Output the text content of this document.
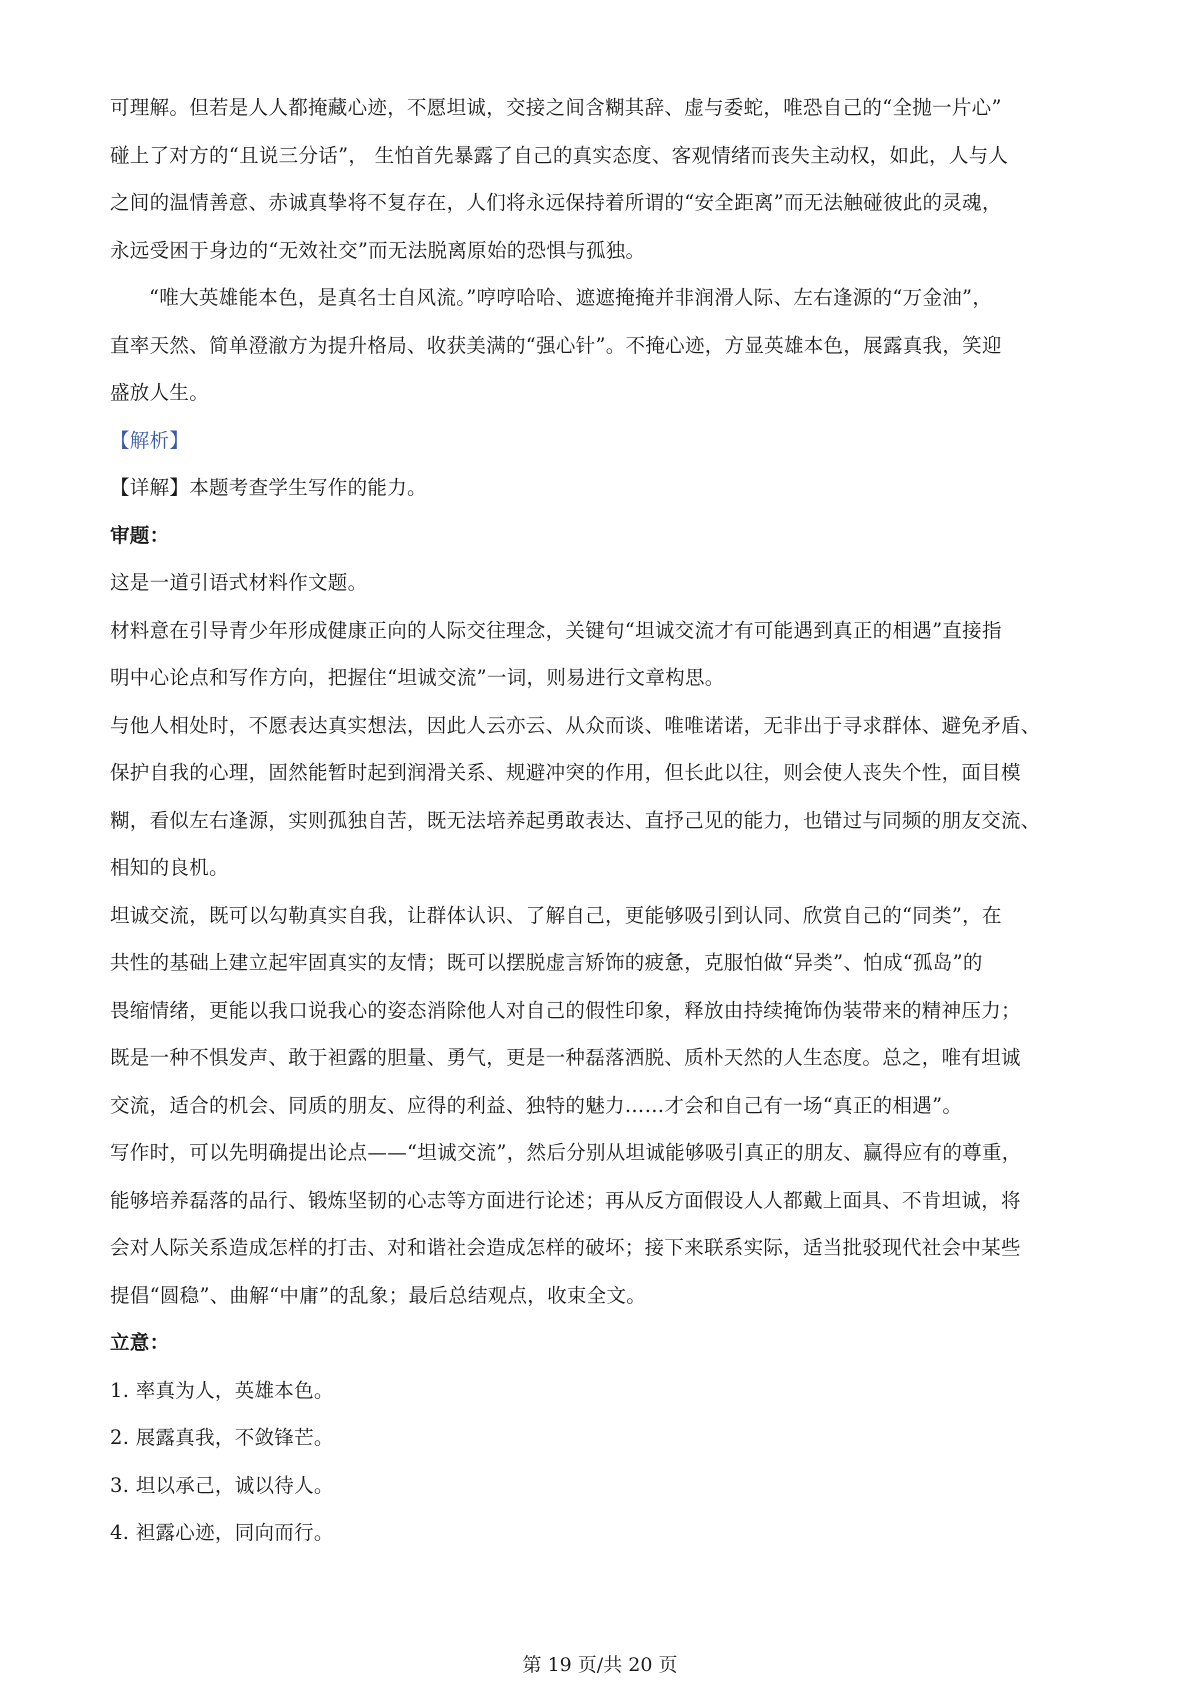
可理解。但若是人人都掩藏心迹，不愿坦诚，交接之间含糊其辞、虚与委蛇，唯恐自己的“全抛一片心”
碰上了对方的“且说三分话”， 生怕首先暴露了自己的真实态度、客观情绪而丧失主动权，如此，人与人
之间的温情善意、赤诚真挚将不复存在，人们将永远保持着所谓的“安全距离”而无法触碰彼此的灵魂，
永远受困于身边的“无效社交”而无法脱离原始的恐惧与孤独。
“唯大英雄能本色，是真名士自风流。”哼哼哈哈、遮遮掩掩并非润滑人际、左右逢源的“万金油”，
直率天然、简单澄澈方为提升格局、收获美满的“强心针”。不掩心迹，方显英雄本色，展露真我，笑迎
盛放人生。
【解析】
【详解】本题考查学生写作的能力。
审题：
这是一道引语式材料作文题。
材料意在引导青少年形成健康正向的人际交往理念，关键句“坦诚交流才有可能遇到真正的相遇”直接指
明中心论点和写作方向，把握住“坦诚交流”一词，则易进行文章构思。
与他人相处时，不愿表达真实想法，因此人云亦云、从众而谈、唯唯诺诺，无非出于寻求群体、避免矛盾、
保护自我的心理，固然能暂时起到润滑关系、规避冲突的作用，但长此以往，则会使人丧失个性，面目模
糊，看似左右逢源，实则孤独自苦，既无法培养起勇敢表达、直抒己见的能力，也错过与同频的朋友交流、
相知的良机。
坦诚交流，既可以勾勒真实自我，让群体认识、了解自己，更能够吸引到认同、欣赏自己的“同类”，在
共性的基础上建立起牢固真实的友情；既可以摆脱虚言矫饰的疲惫，克服怕做“异类”、怕成“孤岛”的
畏缩情绪，更能以我口说我心的姿态消除他人对自己的假性印象，释放由持续掩饰伪装带来的精神压力；
既是一种不惧发声、敢于袒露的胆量、勇气，更是一种磊落洒脱、质朴天然的人生态度。总之，唯有坦诚
交流，适合的机会、同质的朋友、应得的利益、独特的魅力……才会和自己有一场“真正的相遇”。
写作时，可以先明确提出论点——“坦诚交流”，然后分别从坦诚能够吸引真正的朋友、赢得应有的尊重，
能够培养磊落的品行、锻炼坚韧的心志等方面进行论述；再从反方面假设人人都戴上面具、不肯坦诚，将
会对人际关系造成怎样的打击、对和谐社会造成怎样的破坏；接下来联系实际，适当批驳现代社会中某些
提倡“圆稳”、曲解“中庸”的乱象；最后总结观点，收束全文。
立意：
1. 率真为人，英雄本色。
2. 展露真我，不敛锋芒。
3. 坦以承己，诚以待人。
4. 袒露心迹，同向而行。
第 19 页/共 20 页
